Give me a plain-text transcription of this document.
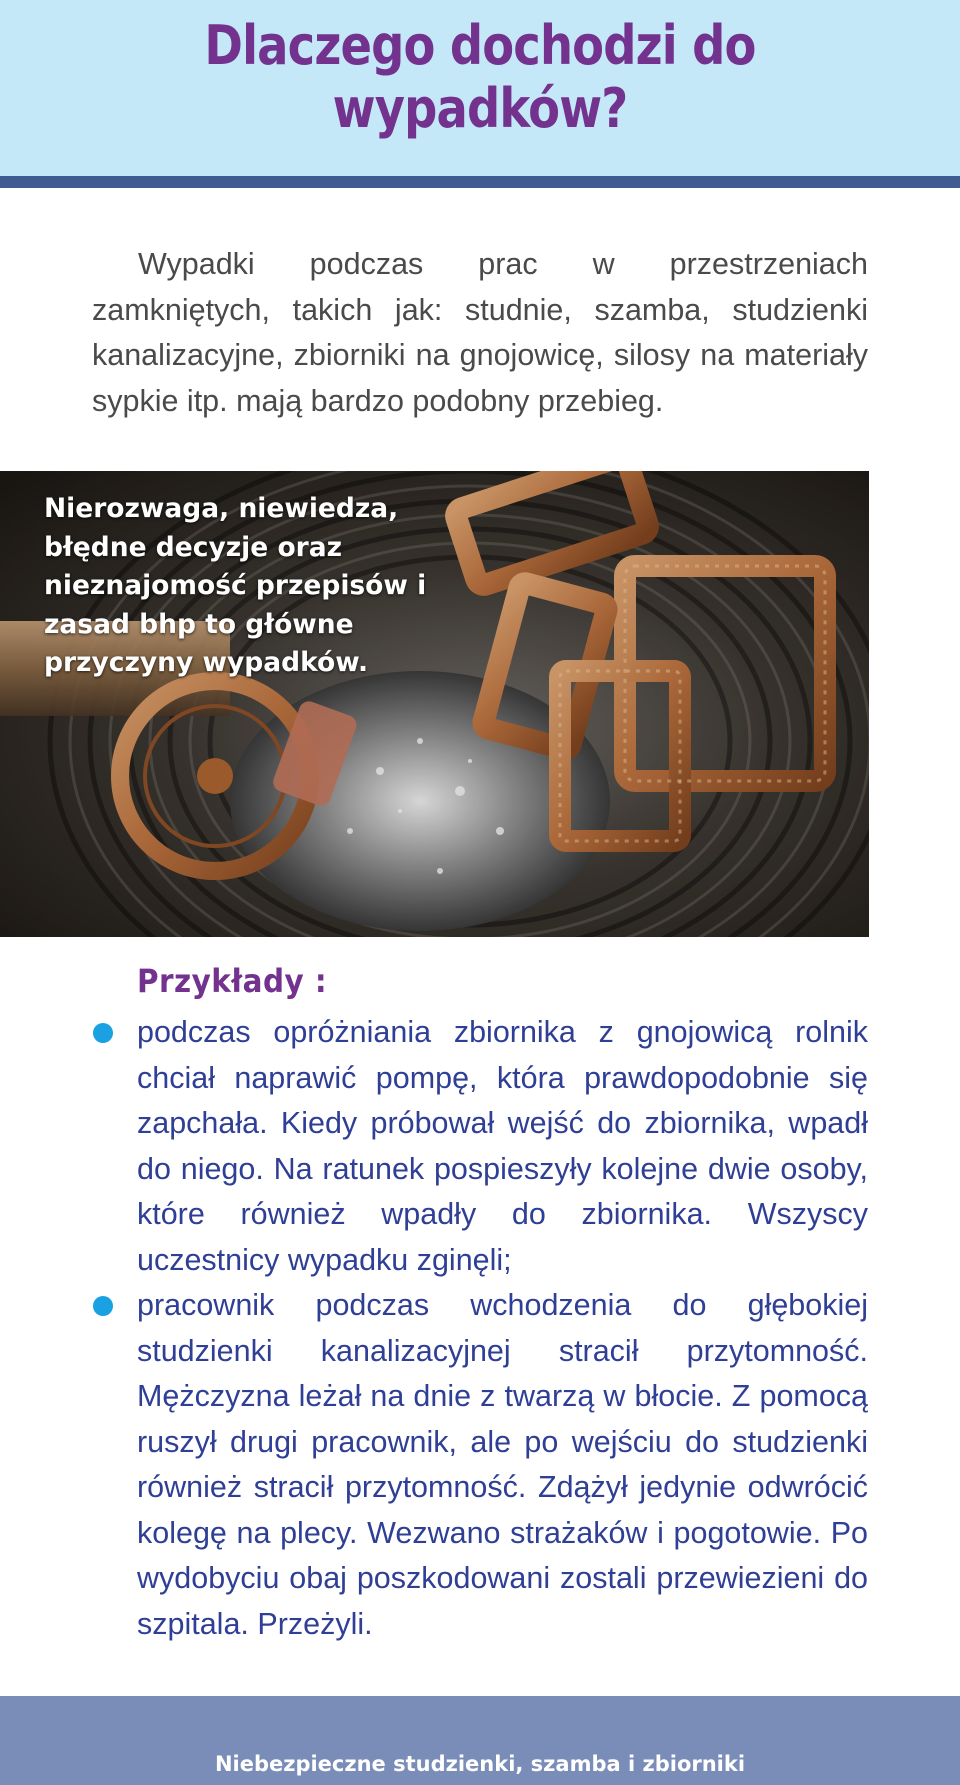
Dlaczego dochodzi do wypadków?

Wypadki podczas prac w przestrzeniach zamkniętych, takich jak: studnie, szamba, studzienki kanalizacyjne, zbiorniki na gnojowicę, silosy na materiały sypkie itp. mają bardzo podobny przebieg.

Nierozwaga, niewiedza, błędne decyzje oraz nieznajomość przepisów i zasad bhp to główne przyczyny wypadków.

Przykłady :
podczas opróżniania zbiornika z gnojowicą rolnik chciał naprawić pompę, która prawdopodobnie się zapchała. Kiedy próbował wejść do zbiornika, wpadł do niego. Na ratunek pospieszyły kolejne dwie osoby, które również wpadły do zbiornika. Wszyscy uczestnicy wypadku zginęli;
pracownik podczas wchodzenia do głębokiej studzienki kanalizacyjnej stracił przytomność. Mężczyzna leżał na dnie z twarzą w błocie. Z pomocą ruszył drugi pracownik, ale po wejściu do studzienki również stracił przytomność. Zdążył jedynie odwrócić kolegę na plecy. Wezwano strażaków i pogotowie. Po wydobyciu obaj poszkodowani zostali przewiezieni do szpitala. Przeżyli.
Niebezpieczne studzienki, szamba i zbiorniki
